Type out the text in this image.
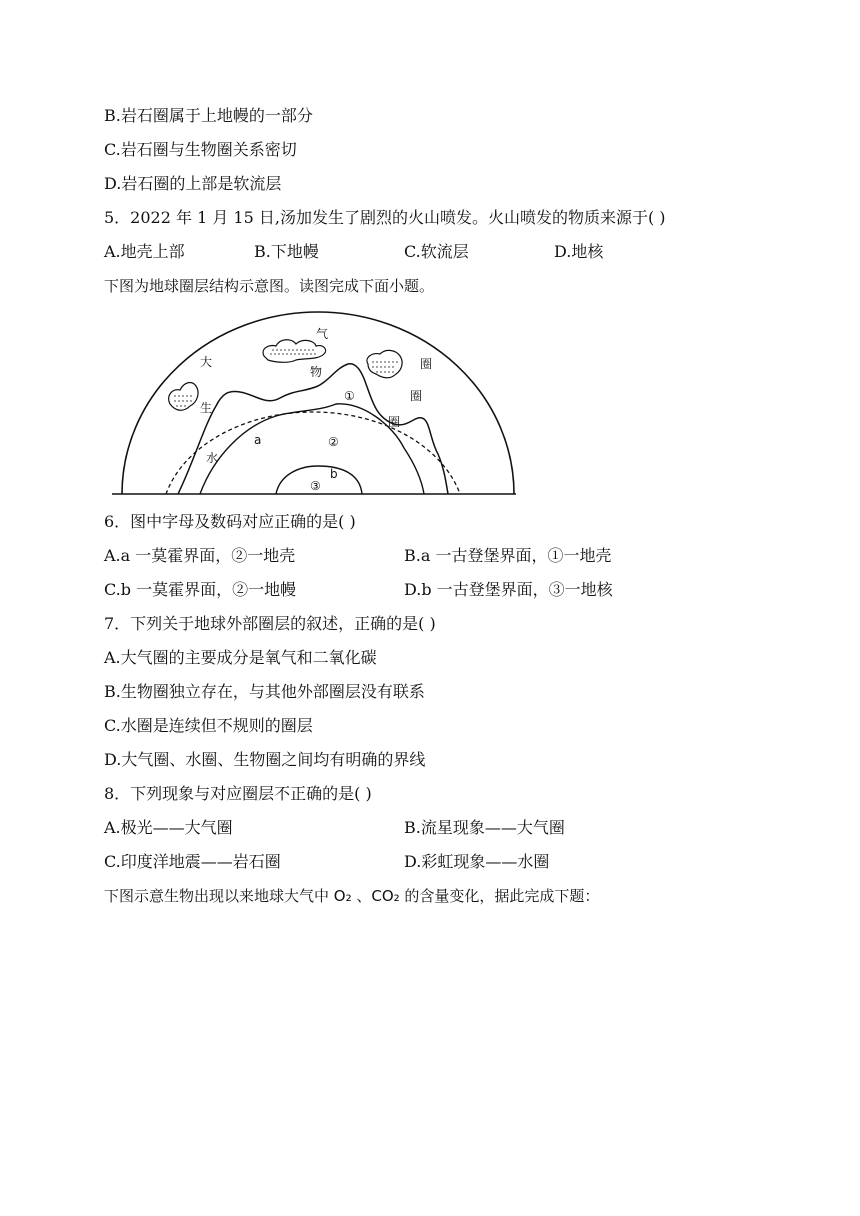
B.岩石圈属于上地幔的一部分
C.岩石圈与生物圈关系密切
D.岩石圈的上部是软流层
5．2022 年 1 月 15 日,汤加发生了剧烈的火山喷发。火山喷发的物质来源于( )
A.地壳上部	B.下地幔	C.软流层	D.地核
下图为地球圈层结构示意图。读图完成下面小题。
气
大	圈
物
圈
①
生
圈
a	②
水
b
③
6．图中字母及数码对应正确的是( )
A.a 一莫霍界面，②一地壳	B.a 一古登堡界面，①一地壳
C.b 一莫霍界面，②一地幔	D.b 一古登堡界面，③一地核
7．下列关于地球外部圈层的叙述，正确的是( )
A.大气圈的主要成分是氧气和二氧化碳
B.生物圈独立存在，与其他外部圈层没有联系
C.水圈是连续但不规则的圈层
D.大气圈、水圈、生物圈之间均有明确的界线
8．下列现象与对应圈层不正确的是( )
A.极光——大气圈	B.流星现象——大气圈
C.印度洋地震——岩石圈	D.彩虹现象——水圈
下图示意生物出现以来地球大气中 O₂ 、CO₂ 的含量变化，据此完成下题：
